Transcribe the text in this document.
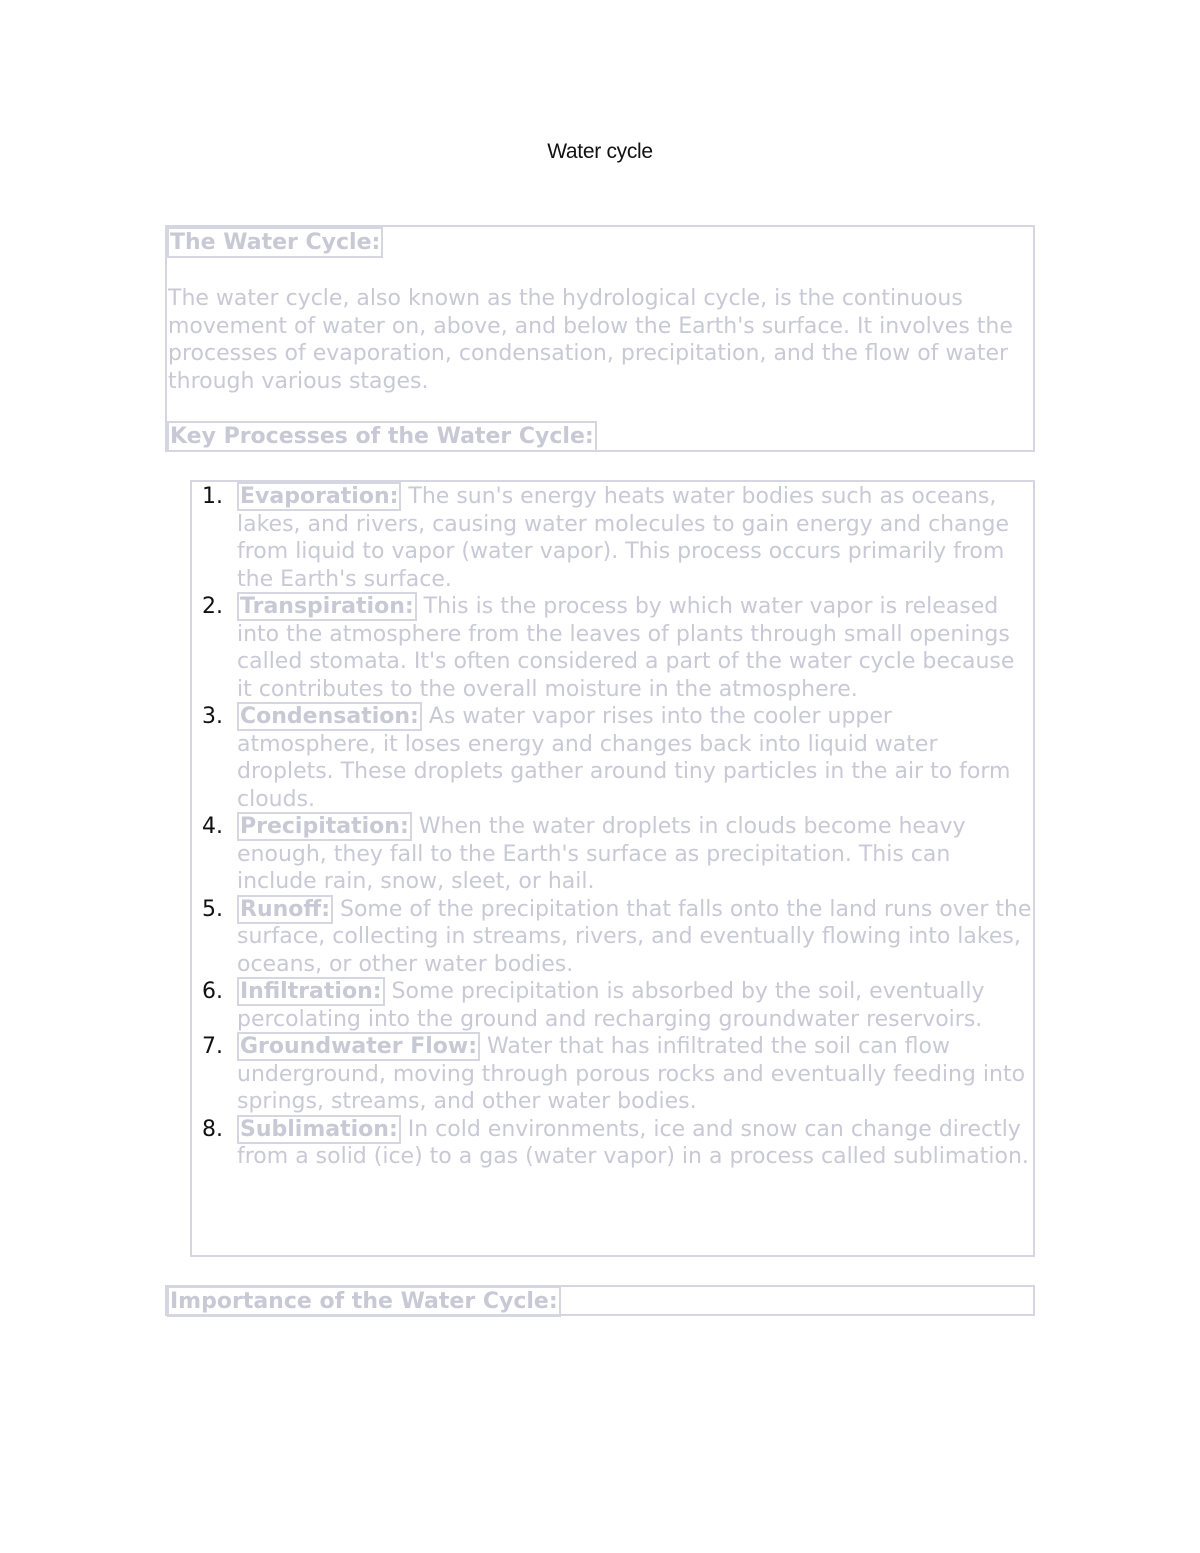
Water cycle
The Water Cycle:

The water cycle, also known as the hydrological cycle, is the continuous movement of water on, above, and below the Earth's surface. It involves the processes of evaporation, condensation, precipitation, and the flow of water through various stages.

Key Processes of the Water Cycle:
1. Evaporation: The sun's energy heats water bodies such as oceans, lakes, and rivers, causing water molecules to gain energy and change from liquid to vapor (water vapor). This process occurs primarily from the Earth's surface.
2. Transpiration: This is the process by which water vapor is released into the atmosphere from the leaves of plants through small openings called stomata. It's often considered a part of the water cycle because it contributes to the overall moisture in the atmosphere.
3. Condensation: As water vapor rises into the cooler upper atmosphere, it loses energy and changes back into liquid water droplets. These droplets gather around tiny particles in the air to form clouds.
4. Precipitation: When the water droplets in clouds become heavy enough, they fall to the Earth's surface as precipitation. This can include rain, snow, sleet, or hail.
5. Runoff: Some of the precipitation that falls onto the land runs over the surface, collecting in streams, rivers, and eventually flowing into lakes, oceans, or other water bodies.
6. Infiltration: Some precipitation is absorbed by the soil, eventually percolating into the ground and recharging groundwater reservoirs.
7. Groundwater Flow: Water that has infiltrated the soil can flow underground, moving through porous rocks and eventually feeding into springs, streams, and other water bodies.
8. Sublimation: In cold environments, ice and snow can change directly from a solid (ice) to a gas (water vapor) in a process called sublimation.
Importance of the Water Cycle:
